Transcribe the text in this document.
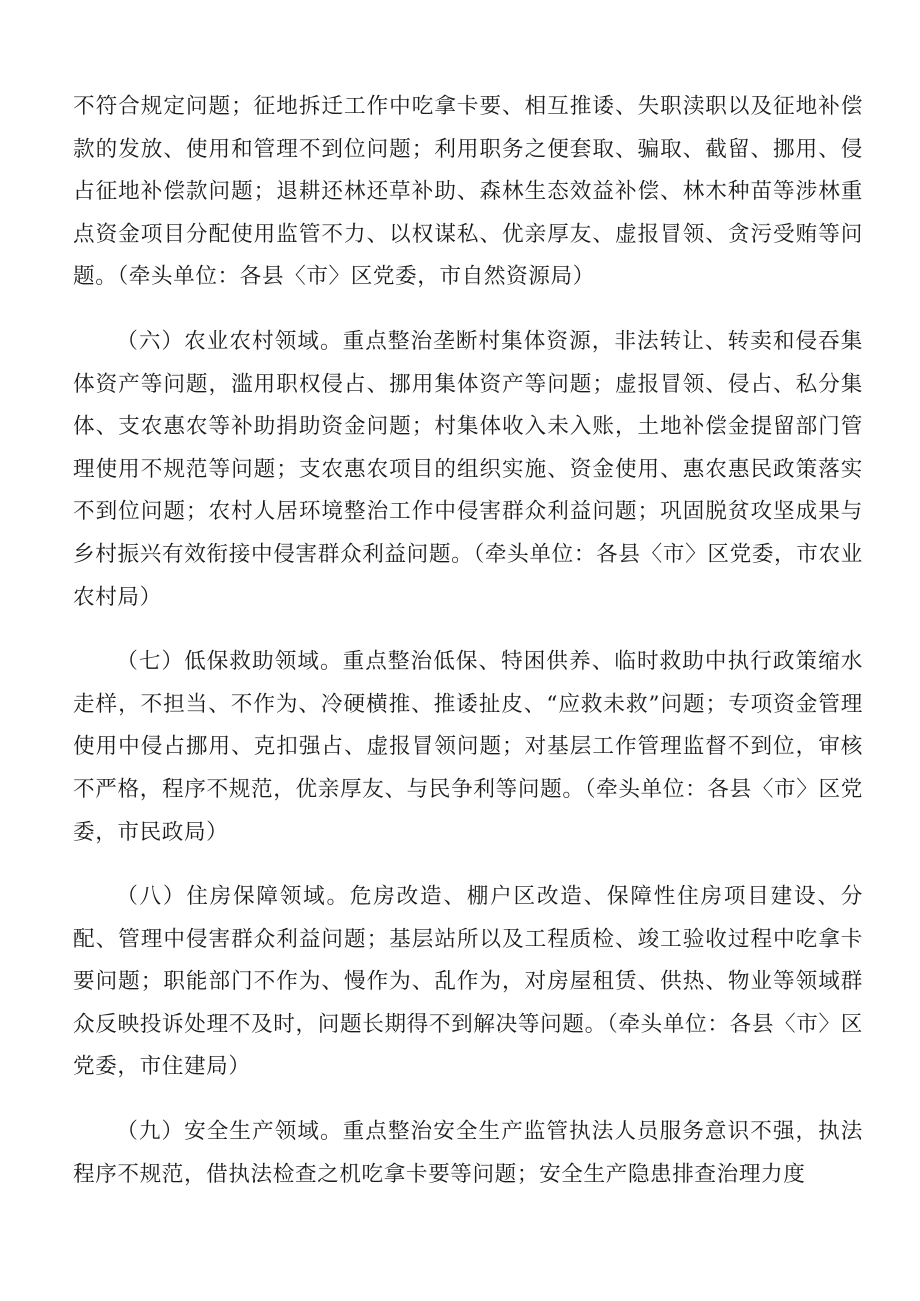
不符合规定问题；征地拆迁工作中吃拿卡要、相互推诿、失职渎职以及征地补偿款的发放、使用和管理不到位问题；利用职务之便套取、骗取、截留、挪用、侵占征地补偿款问题；退耕还林还草补助、森林生态效益补偿、林木种苗等涉林重点资金项目分配使用监管不力、以权谋私、优亲厚友、虚报冒领、贪污受贿等问题。（牵头单位：各县〈市〉区党委，市自然资源局）

（六）农业农村领域。重点整治垄断村集体资源，非法转让、转卖和侵吞集体资产等问题，滥用职权侵占、挪用集体资产等问题；虚报冒领、侵占、私分集体、支农惠农等补助捐助资金问题；村集体收入未入账，土地补偿金提留部门管理使用不规范等问题；支农惠农项目的组织实施、资金使用、惠农惠民政策落实不到位问题；农村人居环境整治工作中侵害群众利益问题；巩固脱贫攻坚成果与乡村振兴有效衔接中侵害群众利益问题。（牵头单位：各县〈市〉区党委，市农业农村局）

（七）低保救助领域。重点整治低保、特困供养、临时救助中执行政策缩水走样，不担当、不作为、冷硬横推、推诿扯皮、“应救未救”问题；专项资金管理使用中侵占挪用、克扣强占、虚报冒领问题；对基层工作管理监督不到位，审核不严格，程序不规范，优亲厚友、与民争利等问题。（牵头单位：各县〈市〉区党委，市民政局）

（八）住房保障领域。危房改造、棚户区改造、保障性住房项目建设、分配、管理中侵害群众利益问题；基层站所以及工程质检、竣工验收过程中吃拿卡要问题；职能部门不作为、慢作为、乱作为，对房屋租赁、供热、物业等领域群众反映投诉处理不及时，问题长期得不到解决等问题。（牵头单位：各县〈市〉区党委，市住建局）

（九）安全生产领域。重点整治安全生产监管执法人员服务意识不强，执法程序不规范，借执法检查之机吃拿卡要等问题；安全生产隐患排查治理力度
